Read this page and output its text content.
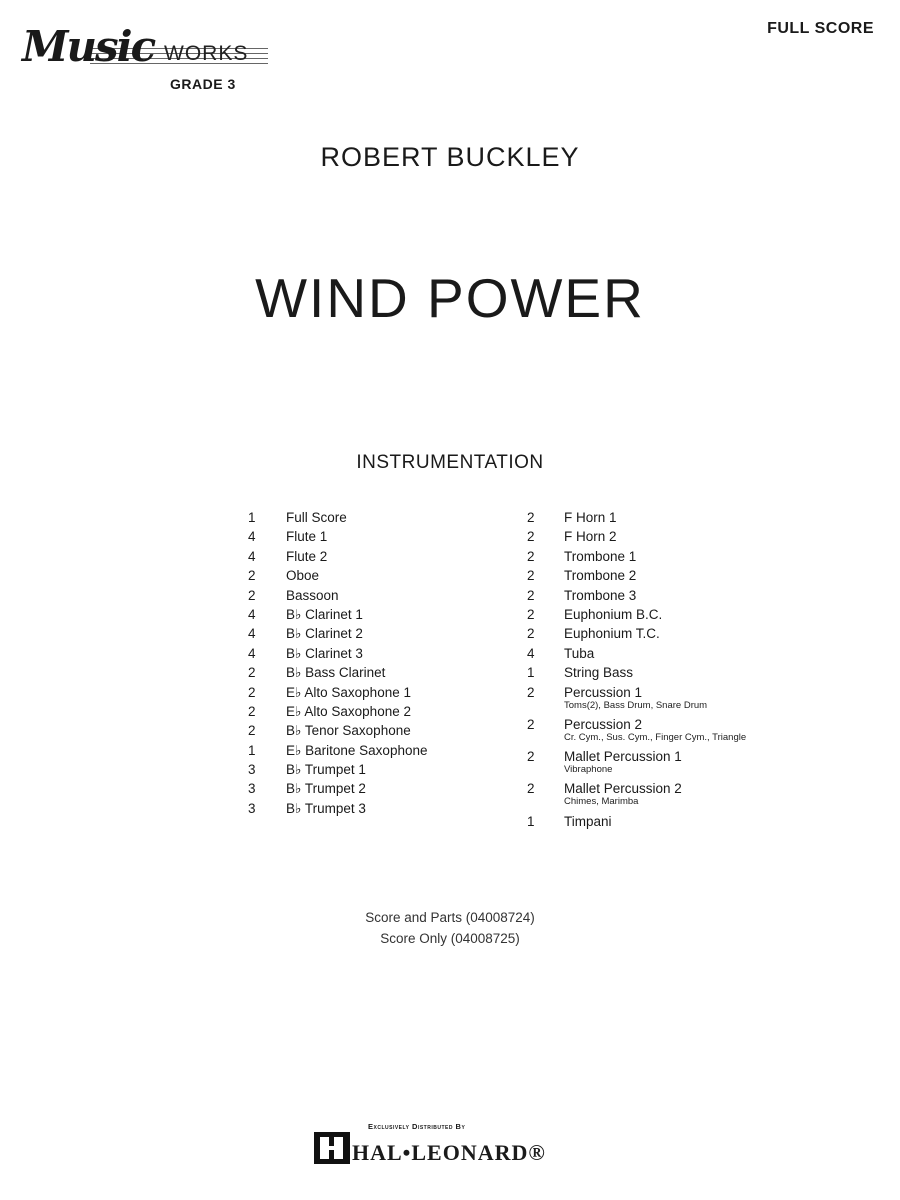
Music WORKS
GRADE 3
FULL SCORE
ROBERT BUCKLEY
WIND POWER
INSTRUMENTATION
1	Full Score
4	Flute 1
4	Flute 2
2	Oboe
2	Bassoon
4	B♭ Clarinet 1
4	B♭ Clarinet 2
4	B♭ Clarinet 3
2	B♭ Bass Clarinet
2	E♭ Alto Saxophone 1
2	E♭ Alto Saxophone 2
2	B♭ Tenor Saxophone
1	E♭ Baritone Saxophone
3	B♭ Trumpet 1
3	B♭ Trumpet 2
3	B♭ Trumpet 3
2	F Horn 1
2	F Horn 2
2	Trombone 1
2	Trombone 2
2	Trombone 3
2	Euphonium B.C.
2	Euphonium T.C.
4	Tuba
1	String Bass
2	Percussion 1
Toms(2), Bass Drum, Snare Drum
2	Percussion 2
Cr. Cym., Sus. Cym., Finger Cym., Triangle
2	Mallet Percussion 1
Vibraphone
2	Mallet Percussion 2
Chimes, Marimba
1	Timpani
Score and Parts (04008724)
Score Only (04008725)
Exclusively Distributed By
HAL•LEONARD®
